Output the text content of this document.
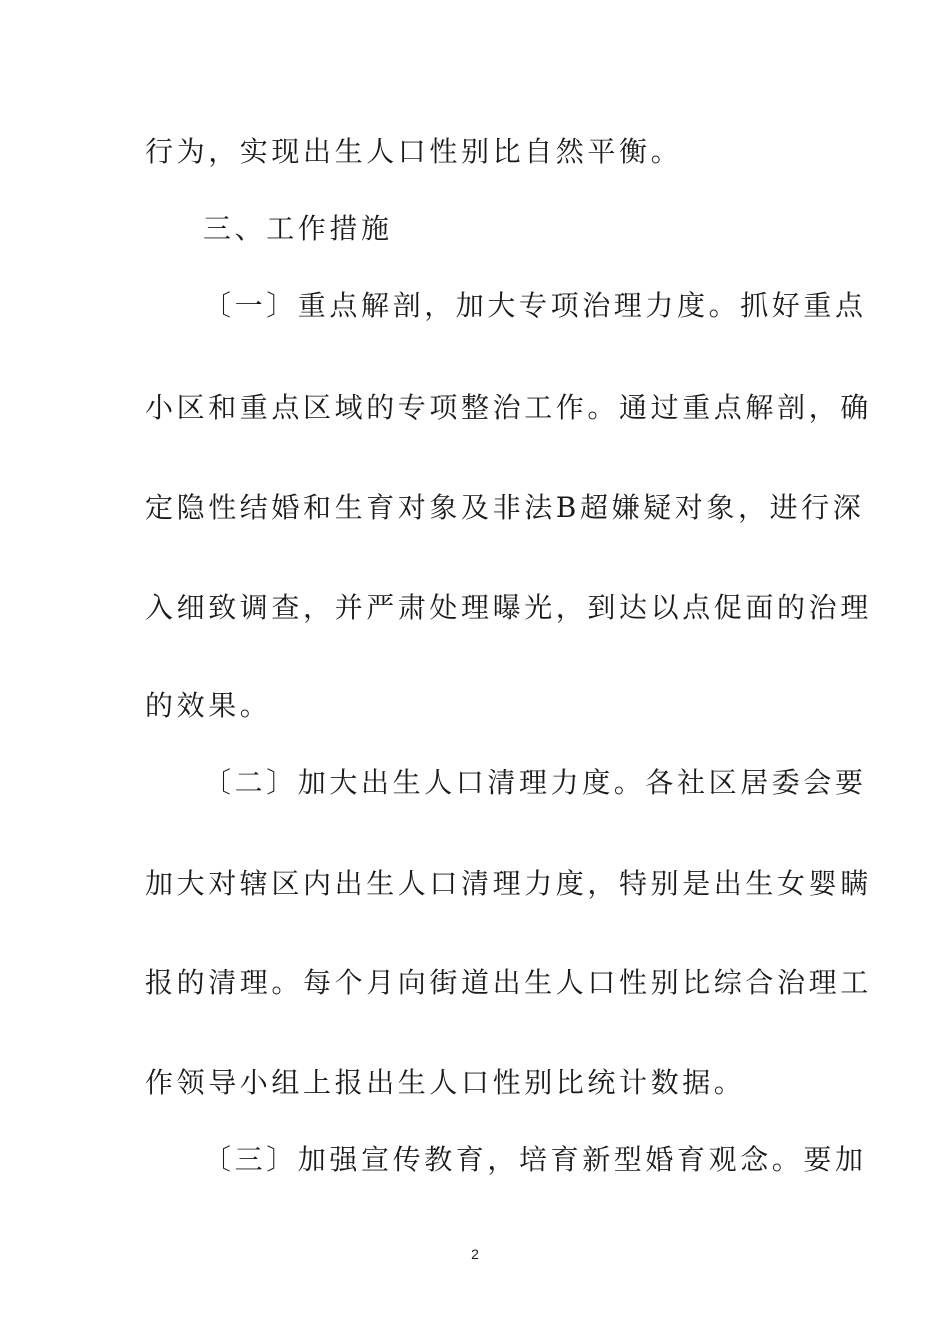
行为，实现出生人口性别比自然平衡。
三、工作措施
〔一〕重点解剖，加大专项治理力度。抓好重点
小区和重点区域的专项整治工作。通过重点解剖，确
定隐性结婚和生育对象及非法B超嫌疑对象，进行深
入细致调查，并严肃处理曝光，到达以点促面的治理
的效果。
〔二〕加大出生人口清理力度。各社区居委会要
加大对辖区内出生人口清理力度，特别是出生女婴瞒
报的清理。每个月向街道出生人口性别比综合治理工
作领导小组上报出生人口性别比统计数据。
〔三〕加强宣传教育，培育新型婚育观念。要加
2
